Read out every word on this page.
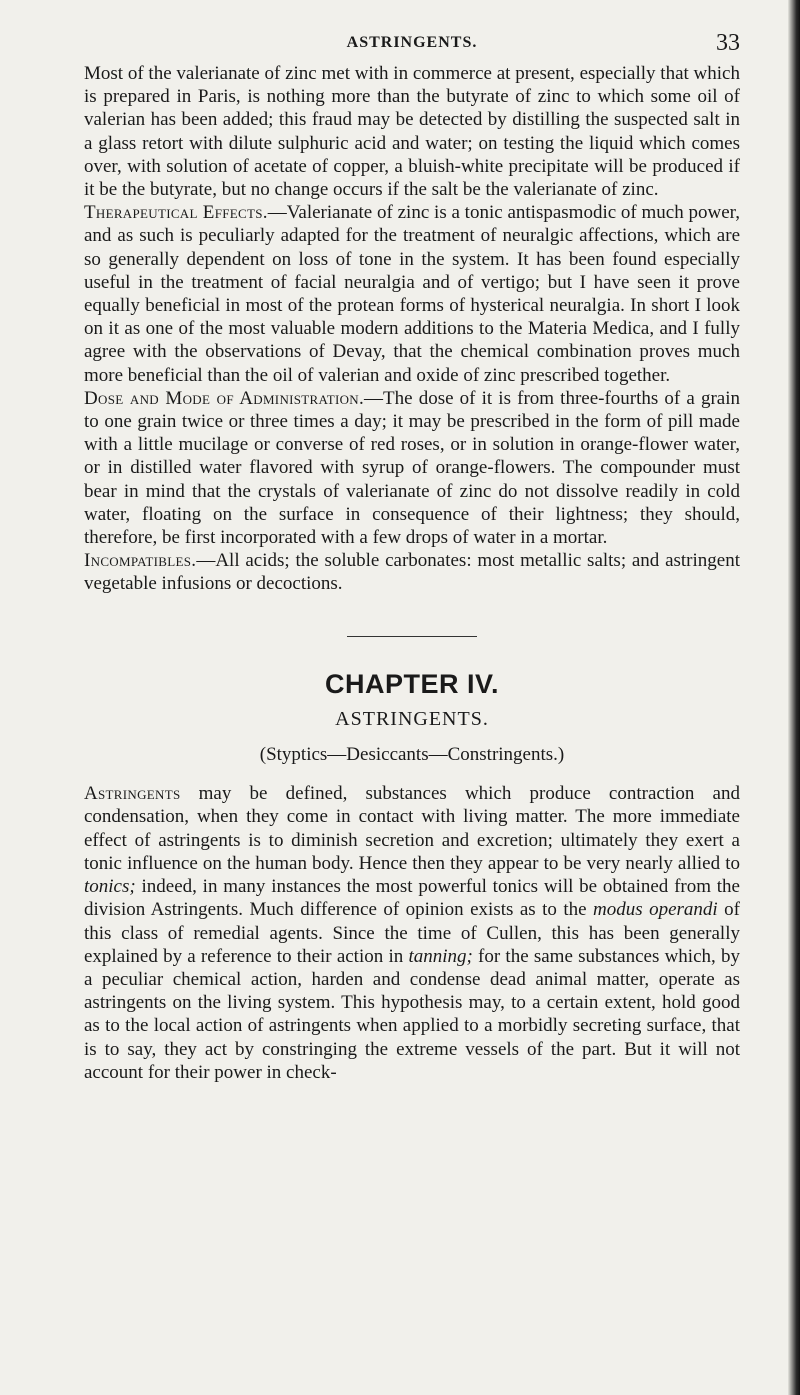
ASTRINGENTS.	33

Most of the valerianate of zinc met with in commerce at present, especially that which is prepared in Paris, is nothing more than the butyrate of zinc to which some oil of valerian has been added; this fraud may be detected by distilling the suspected salt in a glass retort with dilute sulphuric acid and water; on testing the liquid which comes over, with solution of acetate of copper, a bluish-white precipitate will be produced if it be the butyrate, but no change occurs if the salt be the valerianate of zinc.

Therapeutical Effects.—Valerianate of zinc is a tonic antispasmodic of much power, and as such is peculiarly adapted for the treatment of neuralgic affections, which are so generally dependent on loss of tone in the system. It has been found especially useful in the treatment of facial neuralgia and of vertigo; but I have seen it prove equally beneficial in most of the protean forms of hysterical neuralgia. In short I look on it as one of the most valuable modern additions to the Materia Medica, and I fully agree with the observations of Devay, that the chemical combination proves much more beneficial than the oil of valerian and oxide of zinc prescribed together.

Dose and Mode of Administration.—The dose of it is from three-fourths of a grain to one grain twice or three times a day; it may be prescribed in the form of pill made with a little mucilage or converse of red roses, or in solution in orange-flower water, or in distilled water flavored with syrup of orange-flowers. The compounder must bear in mind that the crystals of valerianate of zinc do not dissolve readily in cold water, floating on the surface in consequence of their lightness; they should, therefore, be first incorporated with a few drops of water in a mortar.

Incompatibles.—All acids; the soluble carbonates: most metallic salts; and astringent vegetable infusions or decoctions.

CHAPTER IV.
ASTRINGENTS.
(Styptics—Desiccants—Constringents.)

Astringents may be defined, substances which produce contraction and condensation, when they come in contact with living matter. The more immediate effect of astringents is to diminish secretion and excretion; ultimately they exert a tonic influence on the human body. Hence then they appear to be very nearly allied to tonics; indeed, in many instances the most powerful tonics will be obtained from the division Astringents. Much difference of opinion exists as to the modus operandi of this class of remedial agents. Since the time of Cullen, this has been generally explained by a reference to their action in tanning; for the same substances which, by a peculiar chemical action, harden and condense dead animal matter, operate as astringents on the living system. This hypothesis may, to a certain extent, hold good as to the local action of astringents when applied to a morbidly secreting surface, that is to say, they act by constringing the extreme vessels of the part. But it will not account for their power in check-
